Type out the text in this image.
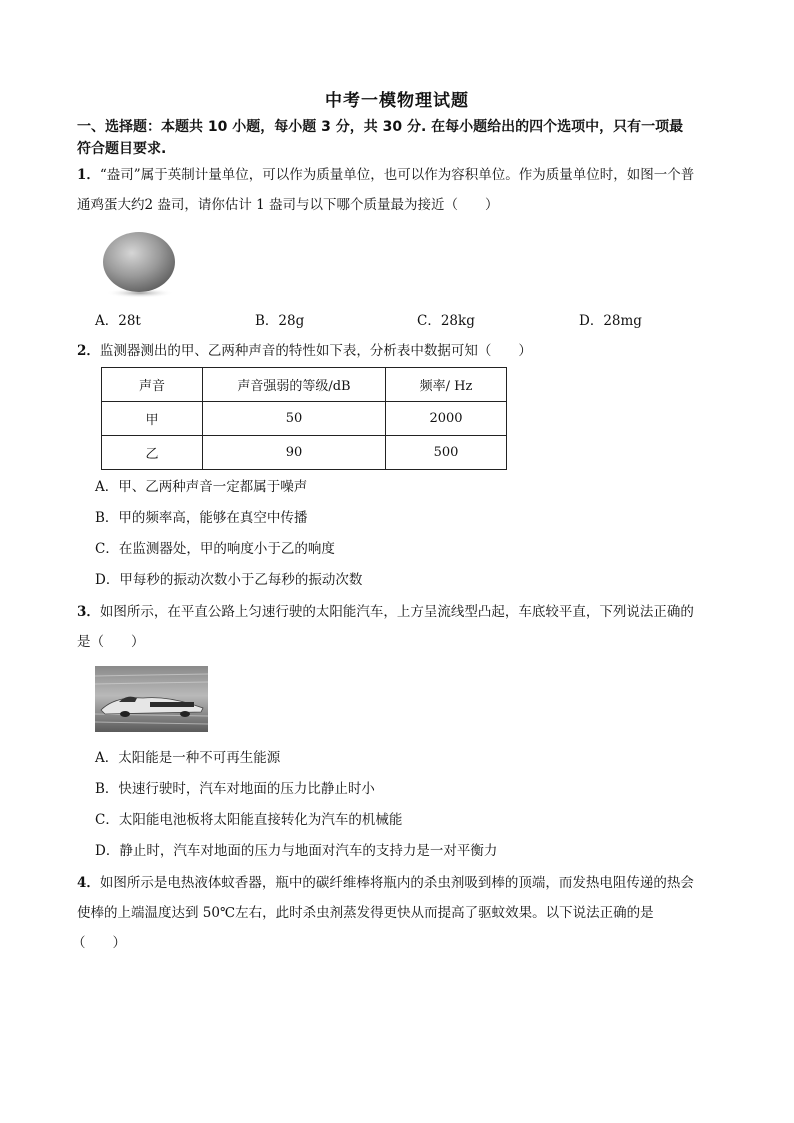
中考一模物理试题
一、选择题：本题共 10 小题，每小题 3 分，共 30 分. 在每小题给出的四个选项中，只有一项最
符合题目要求.
1．“盎司”属于英制计量单位，可以作为质量单位，也可以作为容积单位。作为质量单位时，如图一个普
通鸡蛋大约2 盎司，请你估计 1 盎司与以下哪个质量最为接近（　　）
A．28t	B．28g	C．28kg	D．28mg
2．监测器测出的甲、乙两种声音的特性如下表，分析表中数据可知（　　）
声音	声音强弱的等级/dB	频率/ Hz
甲	50	2000
乙	90	500
A．甲、乙两种声音一定都属于噪声
B．甲的频率高，能够在真空中传播
C．在监测器处，甲的响度小于乙的响度
D．甲每秒的振动次数小于乙每秒的振动次数
3．如图所示，在平直公路上匀速行驶的太阳能汽车，上方呈流线型凸起，车底较平直，下列说法正确的
是（　　）
A．太阳能是一种不可再生能源
B．快速行驶时，汽车对地面的压力比静止时小
C．太阳能电池板将太阳能直接转化为汽车的机械能
D．静止时，汽车对地面的压力与地面对汽车的支持力是一对平衡力
4．如图所示是电热液体蚊香器，瓶中的碳纤维棒将瓶内的杀虫剂吸到棒的顶端，而发热电阻传递的热会
使棒的上端温度达到 50℃左右，此时杀虫剂蒸发得更快从而提高了驱蚊效果。以下说法正确的是
（　　）
